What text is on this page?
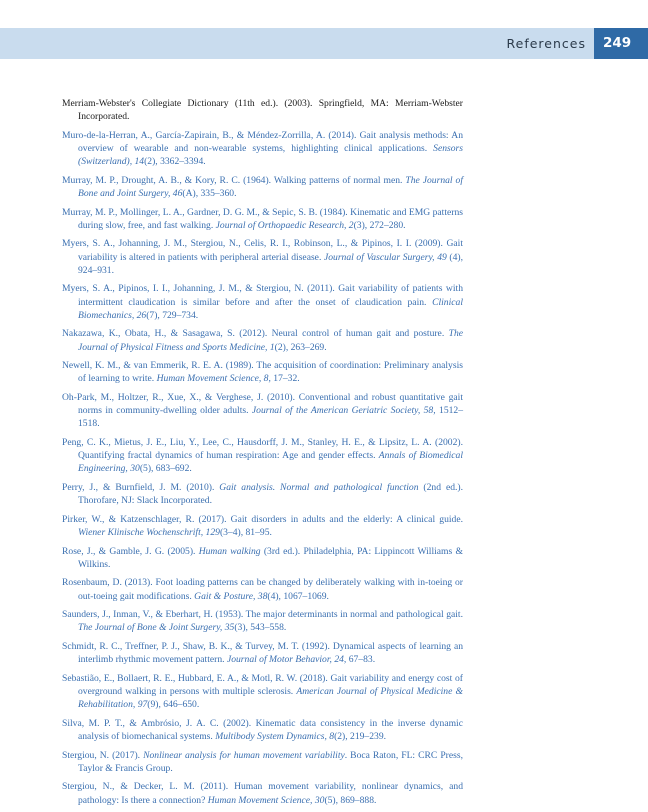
References	249
Merriam-Webster's Collegiate Dictionary (11th ed.). (2003). Springfield, MA: Merriam-Webster Incorporated.
Muro-de-la-Herran, A., García-Zapirain, B., & Méndez-Zorrilla, A. (2014). Gait analysis methods: An overview of wearable and non-wearable systems, highlighting clinical applications. Sensors (Switzerland), 14(2), 3362–3394.
Murray, M. P., Drought, A. B., & Kory, R. C. (1964). Walking patterns of normal men. The Journal of Bone and Joint Surgery, 46(A), 335–360.
Murray, M. P., Mollinger, L. A., Gardner, D. G. M., & Sepic, S. B. (1984). Kinematic and EMG patterns during slow, free, and fast walking. Journal of Orthopaedic Research, 2(3), 272–280.
Myers, S. A., Johanning, J. M., Stergiou, N., Celis, R. I., Robinson, L., & Pipinos, I. I. (2009). Gait variability is altered in patients with peripheral arterial disease. Journal of Vascular Surgery, 49 (4), 924–931.
Myers, S. A., Pipinos, I. I., Johanning, J. M., & Stergiou, N. (2011). Gait variability of patients with intermittent claudication is similar before and after the onset of claudication pain. Clinical Biomechanics, 26(7), 729–734.
Nakazawa, K., Obata, H., & Sasagawa, S. (2012). Neural control of human gait and posture. The Journal of Physical Fitness and Sports Medicine, 1(2), 263–269.
Newell, K. M., & van Emmerik, R. E. A. (1989). The acquisition of coordination: Preliminary analysis of learning to write. Human Movement Science, 8, 17–32.
Oh-Park, M., Holtzer, R., Xue, X., & Verghese, J. (2010). Conventional and robust quantitative gait norms in community-dwelling older adults. Journal of the American Geriatric Society, 58, 1512–1518.
Peng, C. K., Mietus, J. E., Liu, Y., Lee, C., Hausdorff, J. M., Stanley, H. E., & Lipsitz, L. A. (2002). Quantifying fractal dynamics of human respiration: Age and gender effects. Annals of Biomedical Engineering, 30(5), 683–692.
Perry, J., & Burnfield, J. M. (2010). Gait analysis. Normal and pathological function (2nd ed.). Thorofare, NJ: Slack Incorporated.
Pirker, W., & Katzenschlager, R. (2017). Gait disorders in adults and the elderly: A clinical guide. Wiener Klinische Wochenschrift, 129(3–4), 81–95.
Rose, J., & Gamble, J. G. (2005). Human walking (3rd ed.). Philadelphia, PA: Lippincott Williams & Wilkins.
Rosenbaum, D. (2013). Foot loading patterns can be changed by deliberately walking with in-toeing or out-toeing gait modifications. Gait & Posture, 38(4), 1067–1069.
Saunders, J., Inman, V., & Eberhart, H. (1953). The major determinants in normal and pathological gait. The Journal of Bone & Joint Surgery, 35(3), 543–558.
Schmidt, R. C., Treffner, P. J., Shaw, B. K., & Turvey, M. T. (1992). Dynamical aspects of learning an interlimb rhythmic movement pattern. Journal of Motor Behavior, 24, 67–83.
Sebastião, E., Bollaert, R. E., Hubbard, E. A., & Motl, R. W. (2018). Gait variability and energy cost of overground walking in persons with multiple sclerosis. American Journal of Physical Medicine & Rehabilitation, 97(9), 646–650.
Silva, M. P. T., & Ambrósio, J. A. C. (2002). Kinematic data consistency in the inverse dynamic analysis of biomechanical systems. Multibody System Dynamics, 8(2), 219–239.
Stergiou, N. (2017). Nonlinear analysis for human movement variability. Boca Raton, FL: CRC Press, Taylor & Francis Group.
Stergiou, N., & Decker, L. M. (2011). Human movement variability, nonlinear dynamics, and pathology: Is there a connection? Human Movement Science, 30(5), 869–888.
